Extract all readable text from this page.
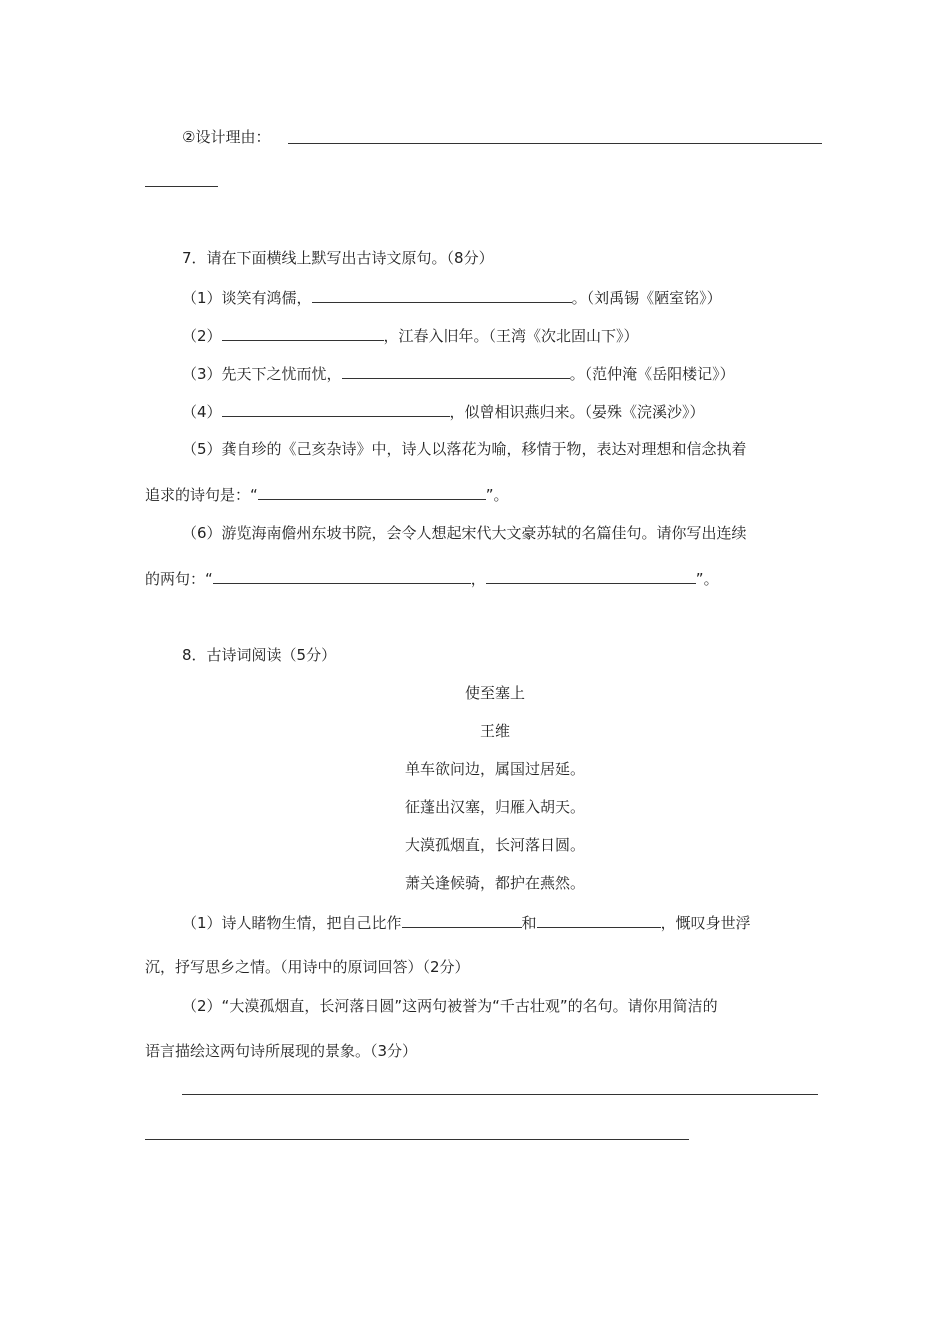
②设计理由：
7．请在下面横线上默写出古诗文原句。（8分）
（1）谈笑有鸿儒，	。（刘禹锡《陋室铭》）
（2）	，江春入旧年。（王湾《次北固山下》）
（3）先天下之忧而忧，	。（范仲淹《岳阳楼记》）
（4）	，似曾相识燕归来。（晏殊《浣溪沙》）
（5）龚自珍的《己亥杂诗》中，诗人以落花为喻，移情于物，表达对理想和信念执着
追求的诗句是：“	”。
（6）游览海南儋州东坡书院，会令人想起宋代大文豪苏轼的名篇佳句。请你写出连续
的两句：“	，	”。
8．古诗词阅读（5分）
使至塞上
王维
单车欲问边，属国过居延。
征蓬出汉塞，归雁入胡天。
大漠孤烟直，长河落日圆。
萧关逢候骑，都护在燕然。
（1）诗人睹物生情，把自己比作	和	，慨叹身世浮
沉，抒写思乡之情。（用诗中的原词回答）（2分）
（2）“大漠孤烟直，长河落日圆”这两句被誉为“千古壮观”的名句。请你用简洁的
语言描绘这两句诗所展现的景象。（3分）
